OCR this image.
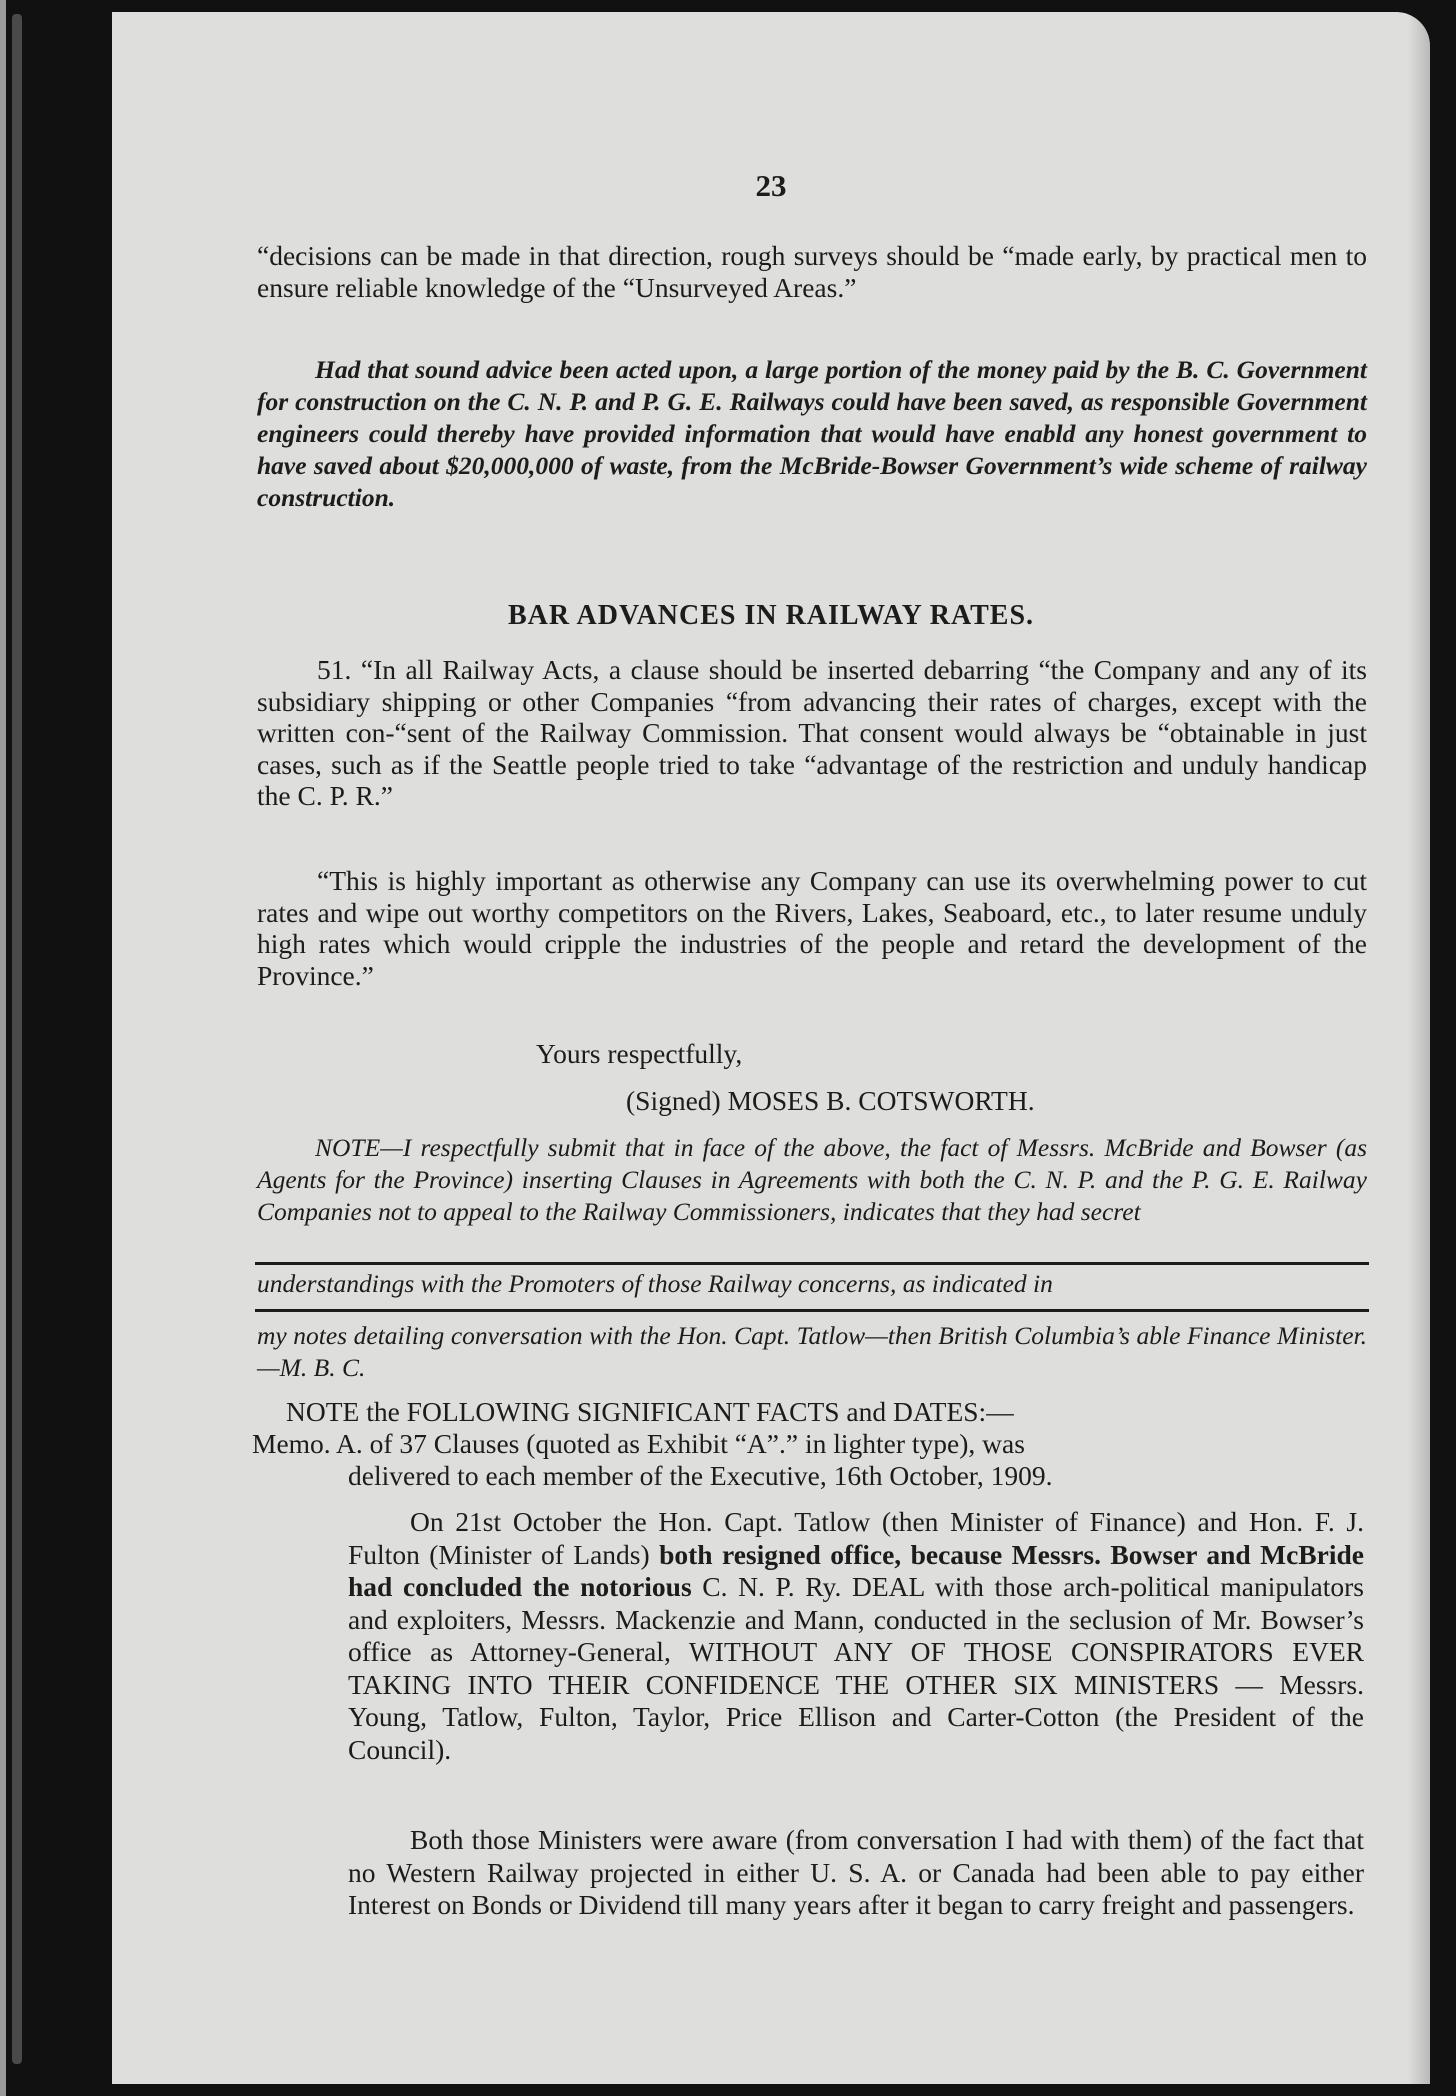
23

“decisions can be made in that direction, rough surveys should be “made early, by practical men to ensure reliable knowledge of the “Unsurveyed Areas.”

Had that sound advice been acted upon, a large portion of the money paid by the B. C. Government for construction on the C. N. P. and P. G. E. Railways could have been saved, as responsible Government engineers could thereby have provided information that would have enabld any honest government to have saved about $20,000,000 of waste, from the McBride-Bowser Government’s wide scheme of railway construction.

BAR ADVANCES IN RAILWAY RATES.

51. “In all Railway Acts, a clause should be inserted debarring “the Company and any of its subsidiary shipping or other Companies “from advancing their rates of charges, except with the written con-“sent of the Railway Commission. That consent would always be “obtainable in just cases, such as if the Seattle people tried to take “advantage of the restriction and unduly handicap the C. P. R.”

“This is highly important as otherwise any Company can use its overwhelming power to cut rates and wipe out worthy competitors on the Rivers, Lakes, Seaboard, etc., to later resume unduly high rates which would cripple the industries of the people and retard the development of the Province.”

Yours respectfully,

(Signed) MOSES B. COTSWORTH.

NOTE—I respectfully submit that in face of the above, the fact of Messrs. McBride and Bowser (as Agents for the Province) inserting Clauses in Agreements with both the C. N. P. and the P. G. E. Railway Companies not to appeal to the Railway Commissioners, indicates that they had secret

understandings with the Promoters of those Railway concerns, as indicated in

my notes detailing conversation with the Hon. Capt. Tatlow—then British Columbia’s able Finance Minister.—M. B. C.

NOTE the FOLLOWING SIGNIFICANT FACTS and DATES:—

Memo. A. of 37 Clauses (quoted as Exhibit “A”.” in lighter type), was

delivered to each member of the Executive, 16th October, 1909.

On 21st October the Hon. Capt. Tatlow (then Minister of Finance) and Hon. F. J. Fulton (Minister of Lands) both resigned office, because Messrs. Bowser and McBride had concluded the notorious C. N. P. Ry. DEAL with those arch-political manipulators and exploiters, Messrs. Mackenzie and Mann, conducted in the seclusion of Mr. Bowser’s office as Attorney-General, WITHOUT ANY OF THOSE CONSPIRATORS EVER TAKING INTO THEIR CONFIDENCE THE OTHER SIX MINISTERS — Messrs. Young, Tatlow, Fulton, Taylor, Price Ellison and Carter-Cotton (the President of the Council).

Both those Ministers were aware (from conversation I had with them) of the fact that no Western Railway projected in either U. S. A. or Canada had been able to pay either Interest on Bonds or Dividend till many years after it began to carry freight and passengers.
